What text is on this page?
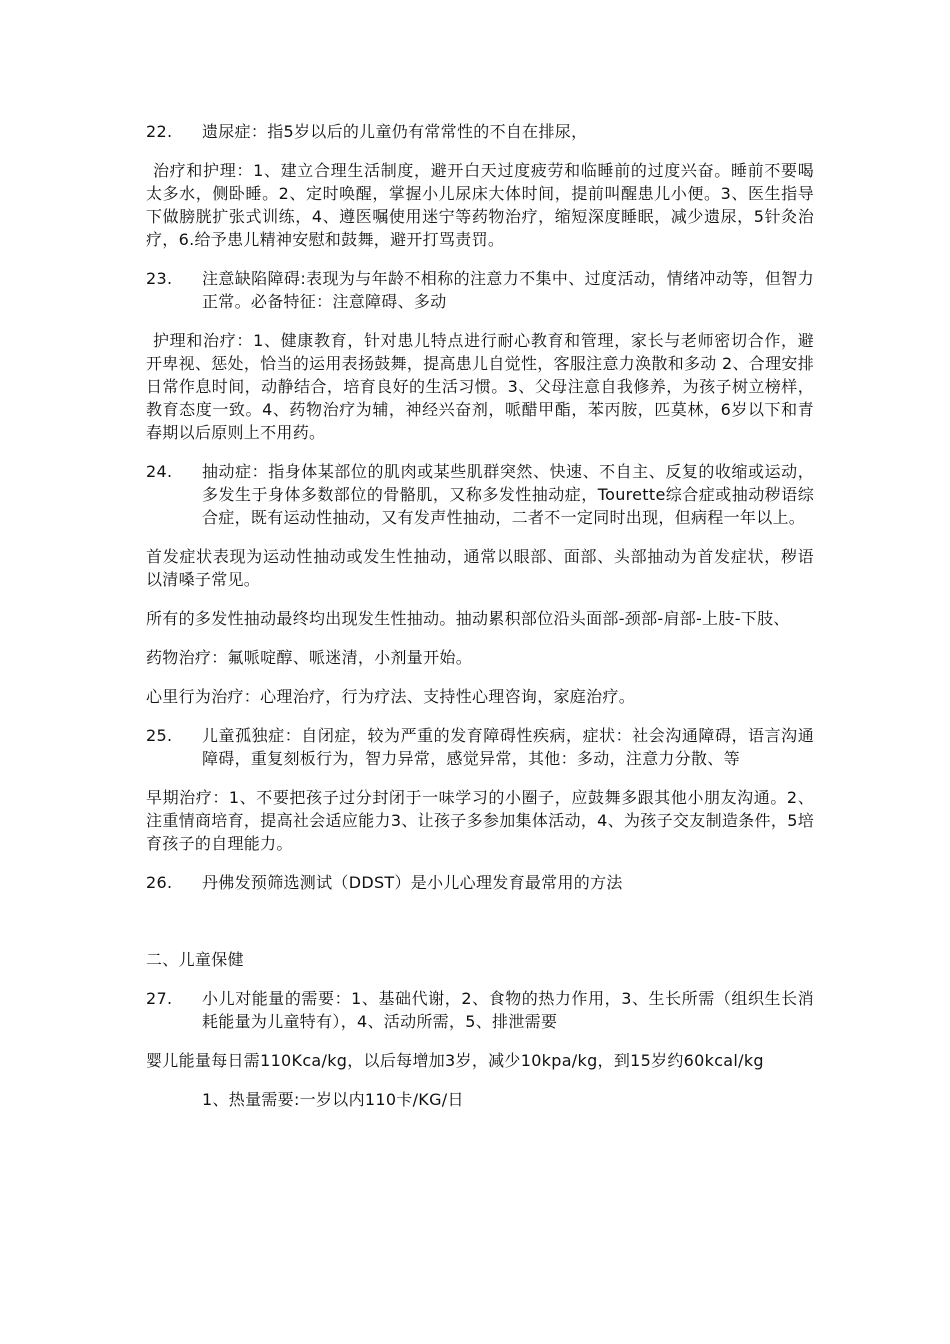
22.	遗尿症：指5岁以后的儿童仍有常常性的不自在排尿，

治疗和护理：1、建立合理生活制度，避开白天过度疲劳和临睡前的过度兴奋。睡前不要喝太多水，侧卧睡。2、定时唤醒，掌握小儿尿床大体时间，提前叫醒患儿小便。3、医生指导下做膀胱扩张式训练，4、遵医嘱使用迷宁等药物治疗，缩短深度睡眠，减少遗尿，5针灸治疗，6.给予患儿精神安慰和鼓舞，避开打骂责罚。

23.	注意缺陷障碍:表现为与年龄不相称的注意力不集中、过度活动，情绪冲动等，但智力正常。必备特征：注意障碍、多动

护理和治疗：1、健康教育，针对患儿特点进行耐心教育和管理，家长与老师密切合作，避开卑视、惩处，恰当的运用表扬鼓舞，提高患儿自觉性，客服注意力涣散和多动 2、合理安排日常作息时间，动静结合，培育良好的生活习惯。3、父母注意自我修养，为孩子树立榜样，教育态度一致。4、药物治疗为辅，神经兴奋剂，哌醋甲酯，苯丙胺，匹莫林，6岁以下和青春期以后原则上不用药。

24.	抽动症：指身体某部位的肌肉或某些肌群突然、快速、不自主、反复的收缩或运动，多发生于身体多数部位的骨骼肌，又称多发性抽动症，Tourette综合症或抽动秽语综合症，既有运动性抽动，又有发声性抽动，二者不一定同时出现，但病程一年以上。

首发症状表现为运动性抽动或发生性抽动，通常以眼部、面部、头部抽动为首发症状，秽语以清嗓子常见。

所有的多发性抽动最终均出现发生性抽动。抽动累积部位沿头面部-颈部-肩部-上肢-下肢、

药物治疗：氟哌啶醇、哌迷清，小剂量开始。

心里行为治疗：心理治疗，行为疗法、支持性心理咨询，家庭治疗。

25.	儿童孤独症：自闭症，较为严重的发育障碍性疾病，症状：社会沟通障碍，语言沟通障碍，重复刻板行为，智力异常，感觉异常，其他：多动，注意力分散、等

早期治疗：1、不要把孩子过分封闭于一味学习的小圈子，应鼓舞多跟其他小朋友沟通。2、注重情商培育，提高社会适应能力3、让孩子多参加集体活动，4、为孩子交友制造条件，5培育孩子的自理能力。

26.	丹佛发预筛选测试（DDST）是小儿心理发育最常用的方法

二、儿童保健

27.	小儿对能量的需要：1、基础代谢，2、食物的热力作用，3、生长所需（组织生长消耗能量为儿童特有），4、活动所需，5、排泄需要

婴儿能量每日需110Kca/kg，以后每增加3岁，减少10kpa/kg，到15岁约60kcal/kg

1、热量需要:一岁以内110卡/KG/日
